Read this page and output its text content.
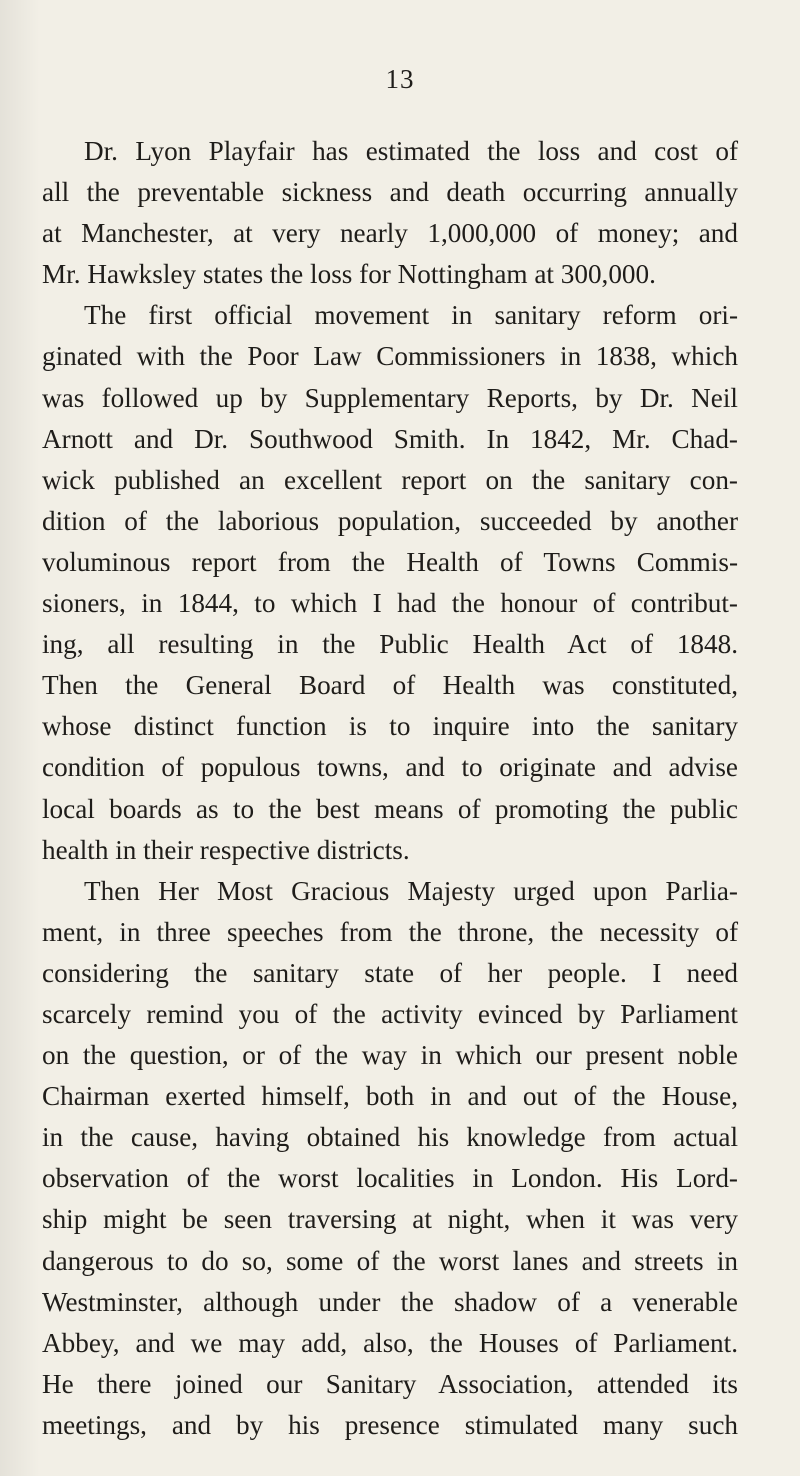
13
Dr. Lyon Playfair has estimated the loss and cost of
all the preventable sickness and death occurring annually
at Manchester, at very nearly 1,000,000 of money; and
Mr. Hawksley states the loss for Nottingham at 300,000.
The first official movement in sanitary reform ori-
ginated with the Poor Law Commissioners in 1838, which
was followed up by Supplementary Reports, by Dr. Neil
Arnott and Dr. Southwood Smith. In 1842, Mr. Chad-
wick published an excellent report on the sanitary con-
dition of the laborious population, succeeded by another
voluminous report from the Health of Towns Commis-
sioners, in 1844, to which I had the honour of contribut-
ing, all resulting in the Public Health Act of 1848.
Then the General Board of Health was constituted,
whose distinct function is to inquire into the sanitary
condition of populous towns, and to originate and advise
local boards as to the best means of promoting the public
health in their respective districts.
Then Her Most Gracious Majesty urged upon Parlia-
ment, in three speeches from the throne, the necessity of
considering the sanitary state of her people. I need
scarcely remind you of the activity evinced by Parliament
on the question, or of the way in which our present noble
Chairman exerted himself, both in and out of the House,
in the cause, having obtained his knowledge from actual
observation of the worst localities in London. His Lord-
ship might be seen traversing at night, when it was very
dangerous to do so, some of the worst lanes and streets in
Westminster, although under the shadow of a venerable
Abbey, and we may add, also, the Houses of Parliament.
He there joined our Sanitary Association, attended its
meetings, and by his presence stimulated many such
